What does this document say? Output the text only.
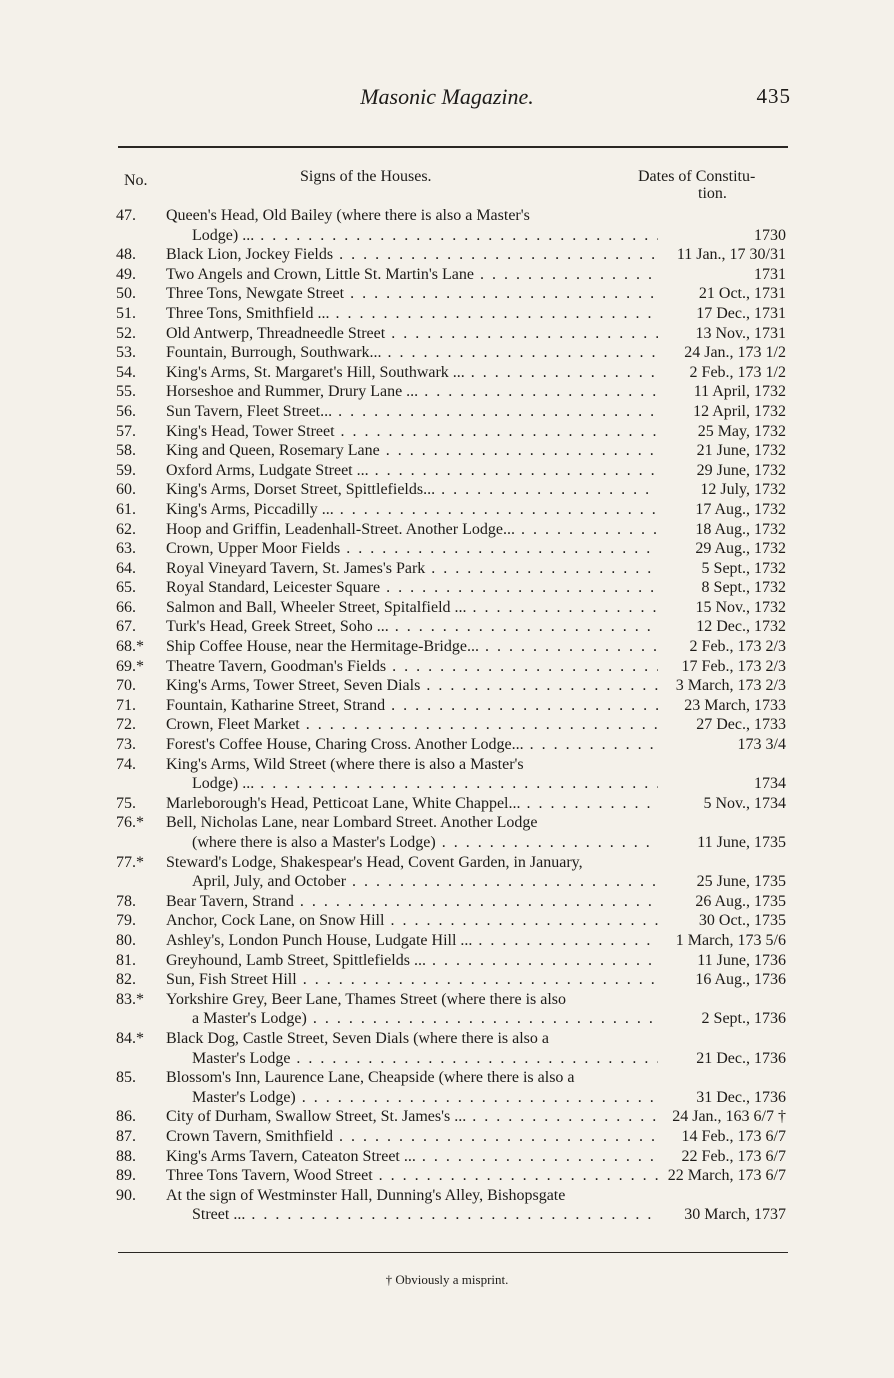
Masonic Magazine.	435
No.	Signs of the Houses.	Dates of Constitu-
tion.
47.	Queen's Head, Old Bailey (where there is also a Master's
Lodge) ... . . .	1730
48.	Black Lion, Jockey Fields . . .	11 Jan., 17 30/31
49.	Two Angels and Crown, Little St. Martin's Lane . . .	1731
50.	Three Tons, Newgate Street . . .	21 Oct., 1731
51.	Three Tons, Smithfield ... . . .	17 Dec., 1731
52.	Old Antwerp, Threadneedle Street . . .	13 Nov., 1731
53.	Fountain, Burrough, Southwark... . . .	24 Jan., 173 1/2
54.	King's Arms, St. Margaret's Hill, Southwark ... . . .	2 Feb., 173 1/2
55.	Horseshoe and Rummer, Drury Lane ... . . .	11 April, 1732
56.	Sun Tavern, Fleet Street... . . .	12 April, 1732
57.	King's Head, Tower Street . . .	25 May, 1732
58.	King and Queen, Rosemary Lane . . .	21 June, 1732
59.	Oxford Arms, Ludgate Street ... . . .	29 June, 1732
60.	King's Arms, Dorset Street, Spittlefields... . . .	12 July, 1732
61.	King's Arms, Piccadilly ... . . .	17 Aug., 1732
62.	Hoop and Griffin, Leadenhall-Street. Another Lodge... . . .	18 Aug., 1732
63.	Crown, Upper Moor Fields . . .	29 Aug., 1732
64.	Royal Vineyard Tavern, St. James's Park . . .	5 Sept., 1732
65.	Royal Standard, Leicester Square . . .	8 Sept., 1732
66.	Salmon and Ball, Wheeler Street, Spitalfield ... . . .	15 Nov., 1732
67.	Turk's Head, Greek Street, Soho ... . . .	12 Dec., 1732
68.*	Ship Coffee House, near the Hermitage-Bridge... . . .	2 Feb., 173 2/3
69.*	Theatre Tavern, Goodman's Fields . . .	17 Feb., 173 2/3
70.	King's Arms, Tower Street, Seven Dials . . .	3 March, 173 2/3
71.	Fountain, Katharine Street, Strand . . .	23 March, 1733
72.	Crown, Fleet Market . . .	27 Dec., 1733
73.	Forest's Coffee House, Charing Cross. Another Lodge... . . .	173 3/4
74.	King's Arms, Wild Street (where there is also a Master's
Lodge) ... . . .	1734
75.	Marleborough's Head, Petticoat Lane, White Chappel... . . .	5 Nov., 1734
76.*	Bell, Nicholas Lane, near Lombard Street. Another Lodge
(where there is also a Master's Lodge) . . .	11 June, 1735
77.*	Steward's Lodge, Shakespear's Head, Covent Garden, in January,
April, July, and October . . .	25 June, 1735
78.	Bear Tavern, Strand . . .	26 Aug., 1735
79.	Anchor, Cock Lane, on Snow Hill . . .	30 Oct., 1735
80.	Ashley's, London Punch House, Ludgate Hill ... . . .	1 March, 173 5/6
81.	Greyhound, Lamb Street, Spittlefields ... . . .	11 June, 1736
82.	Sun, Fish Street Hill . . .	16 Aug., 1736
83.*	Yorkshire Grey, Beer Lane, Thames Street (where there is also
a Master's Lodge) . . .	2 Sept., 1736
84.*	Black Dog, Castle Street, Seven Dials (where there is also a
Master's Lodge . . .	21 Dec., 1736
85.	Blossom's Inn, Laurence Lane, Cheapside (where there is also a
Master's Lodge) . . .	31 Dec., 1736
86.	City of Durham, Swallow Street, St. James's ... . . .	24 Jan., 163 6/7 †
87.	Crown Tavern, Smithfield . . .	14 Feb., 173 6/7
88.	King's Arms Tavern, Cateaton Street ... . . .	22 Feb., 173 6/7
89.	Three Tons Tavern, Wood Street . . .	22 March, 173 6/7
90.	At the sign of Westminster Hall, Dunning's Alley, Bishopsgate
Street ... . . .	30 March, 1737
† Obviously a misprint.
